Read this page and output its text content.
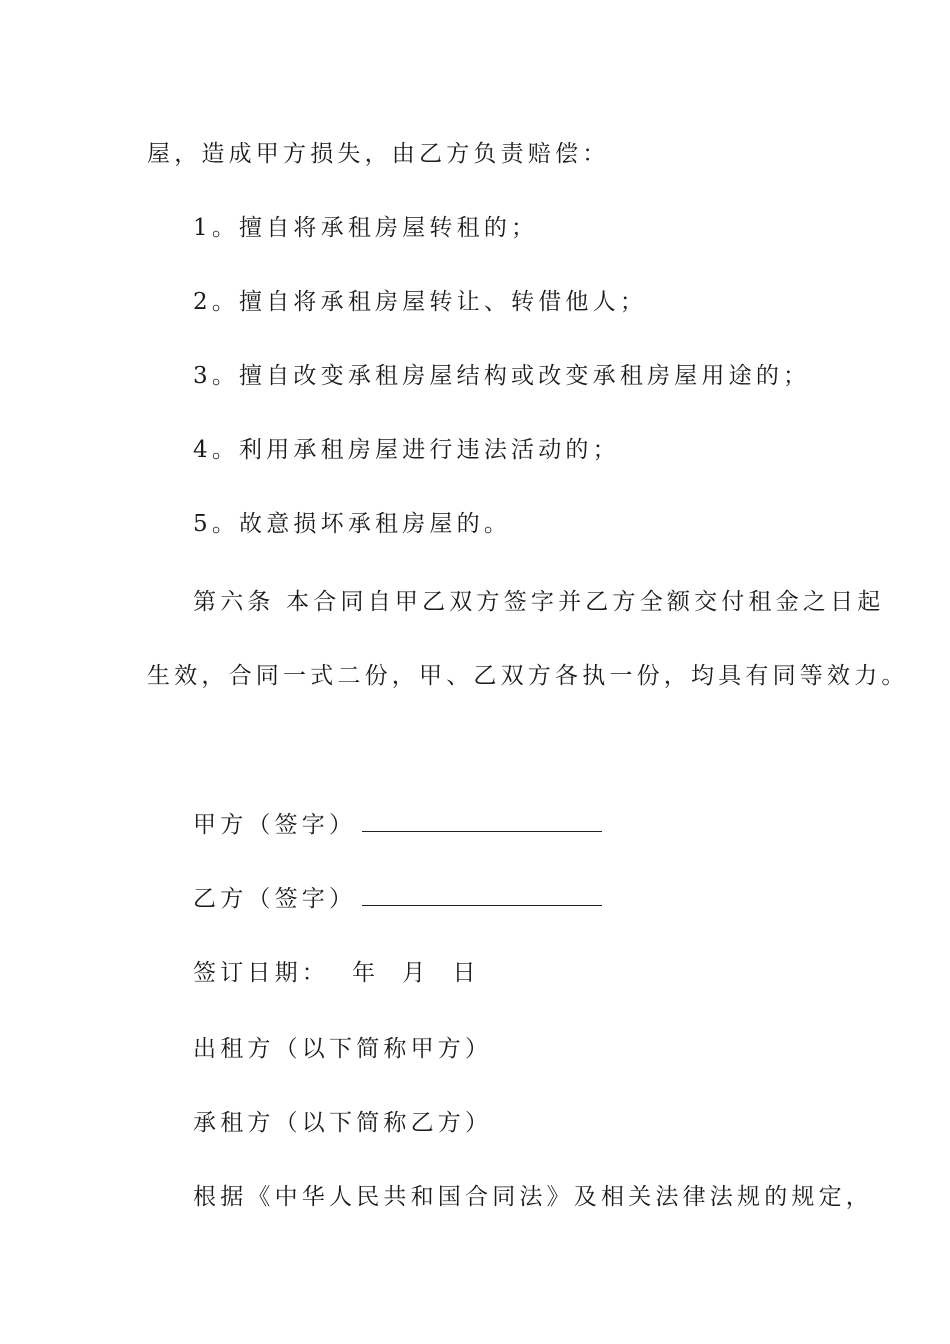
屋，造成甲方损失，由乙方负责赔偿：
1。擅自将承租房屋转租的；
2。擅自将承租房屋转让、转借他人；
3。擅自改变承租房屋结构或改变承租房屋用途的；
4。利用承租房屋进行违法活动的；
5。故意损坏承租房屋的。
第六条 本合同自甲乙双方签字并乙方全额交付租金之日起
生效，合同一式二份，甲、乙双方各执一份，均具有同等效力。
甲方（签字）
乙方（签字）
签订日期：  年  月  日
出租方（以下简称甲方）
承租方（以下简称乙方）
根据《中华人民共和国合同法》及相关法律法规的规定，
